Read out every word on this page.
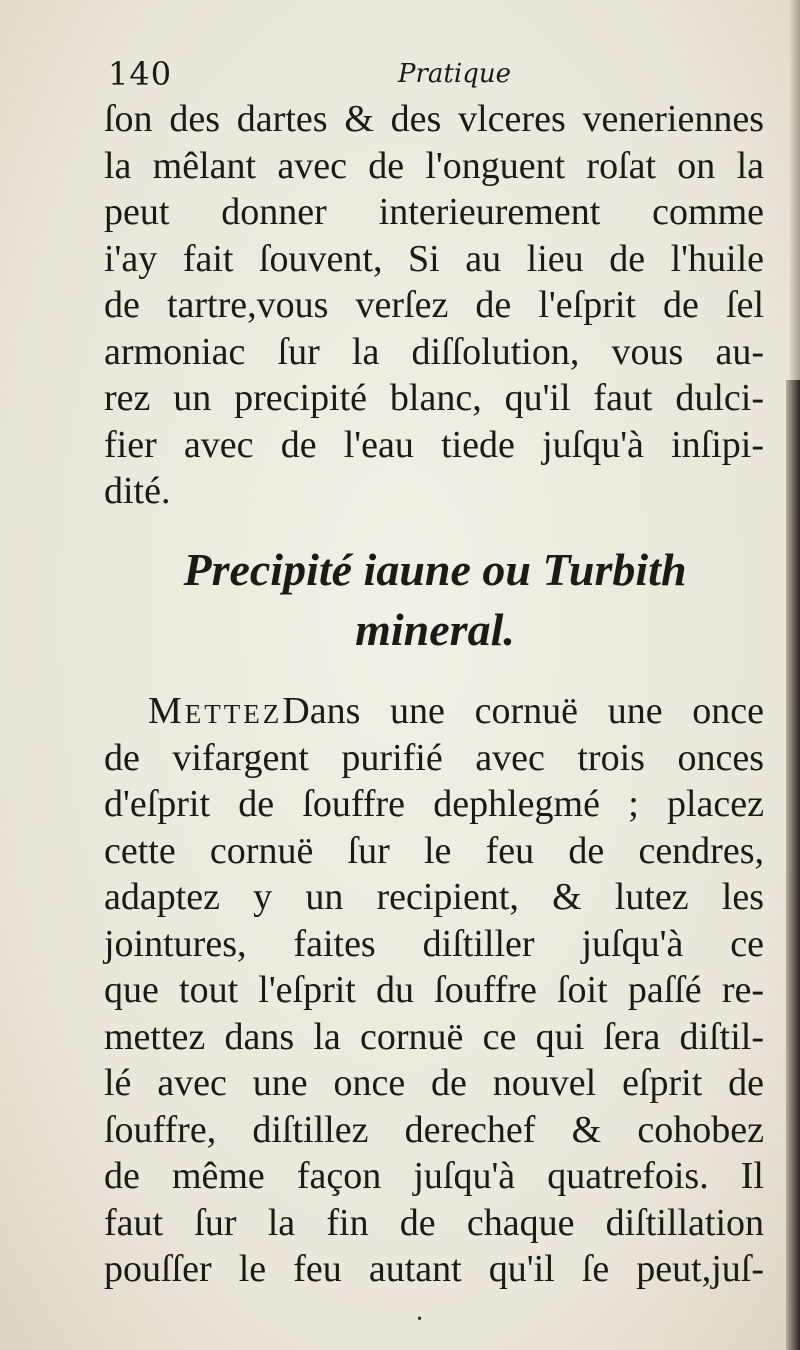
140	Pratique

ſon des dartes & des vlceres veneriennes
la mêlant avec de l'onguent roſat on la
peut donner interieurement comme
i'ay fait ſouvent, Si au lieu de l'huile
de tartre,vous verſez de l'eſprit de ſel
armoniac ſur la diſſolution, vous au-
rez un precipité blanc, qu'il faut dulci-
fier avec de l'eau tiede juſqu'à inſipi-
dité.

Precipité iaune ou Turbith
mineral.

MettezDans une cornuë une once
de vifargent purifié avec trois onces
d'eſprit de ſouffre dephlegmé ; placez
cette cornuë ſur le feu de cendres,
adaptez y un recipient, & lutez les
jointures, faites diſtiller juſqu'à ce
que tout l'eſprit du ſouffre ſoit paſſé re-
mettez dans la cornuë ce qui ſera diſtil-
lé avec une once de nouvel eſprit de
ſouffre, diſtillez derechef & cohobez
de même façon juſqu'à quatrefois. Il
faut ſur la fin de chaque diſtillation
pouſſer le feu autant qu'il ſe peut,juſ-

•
